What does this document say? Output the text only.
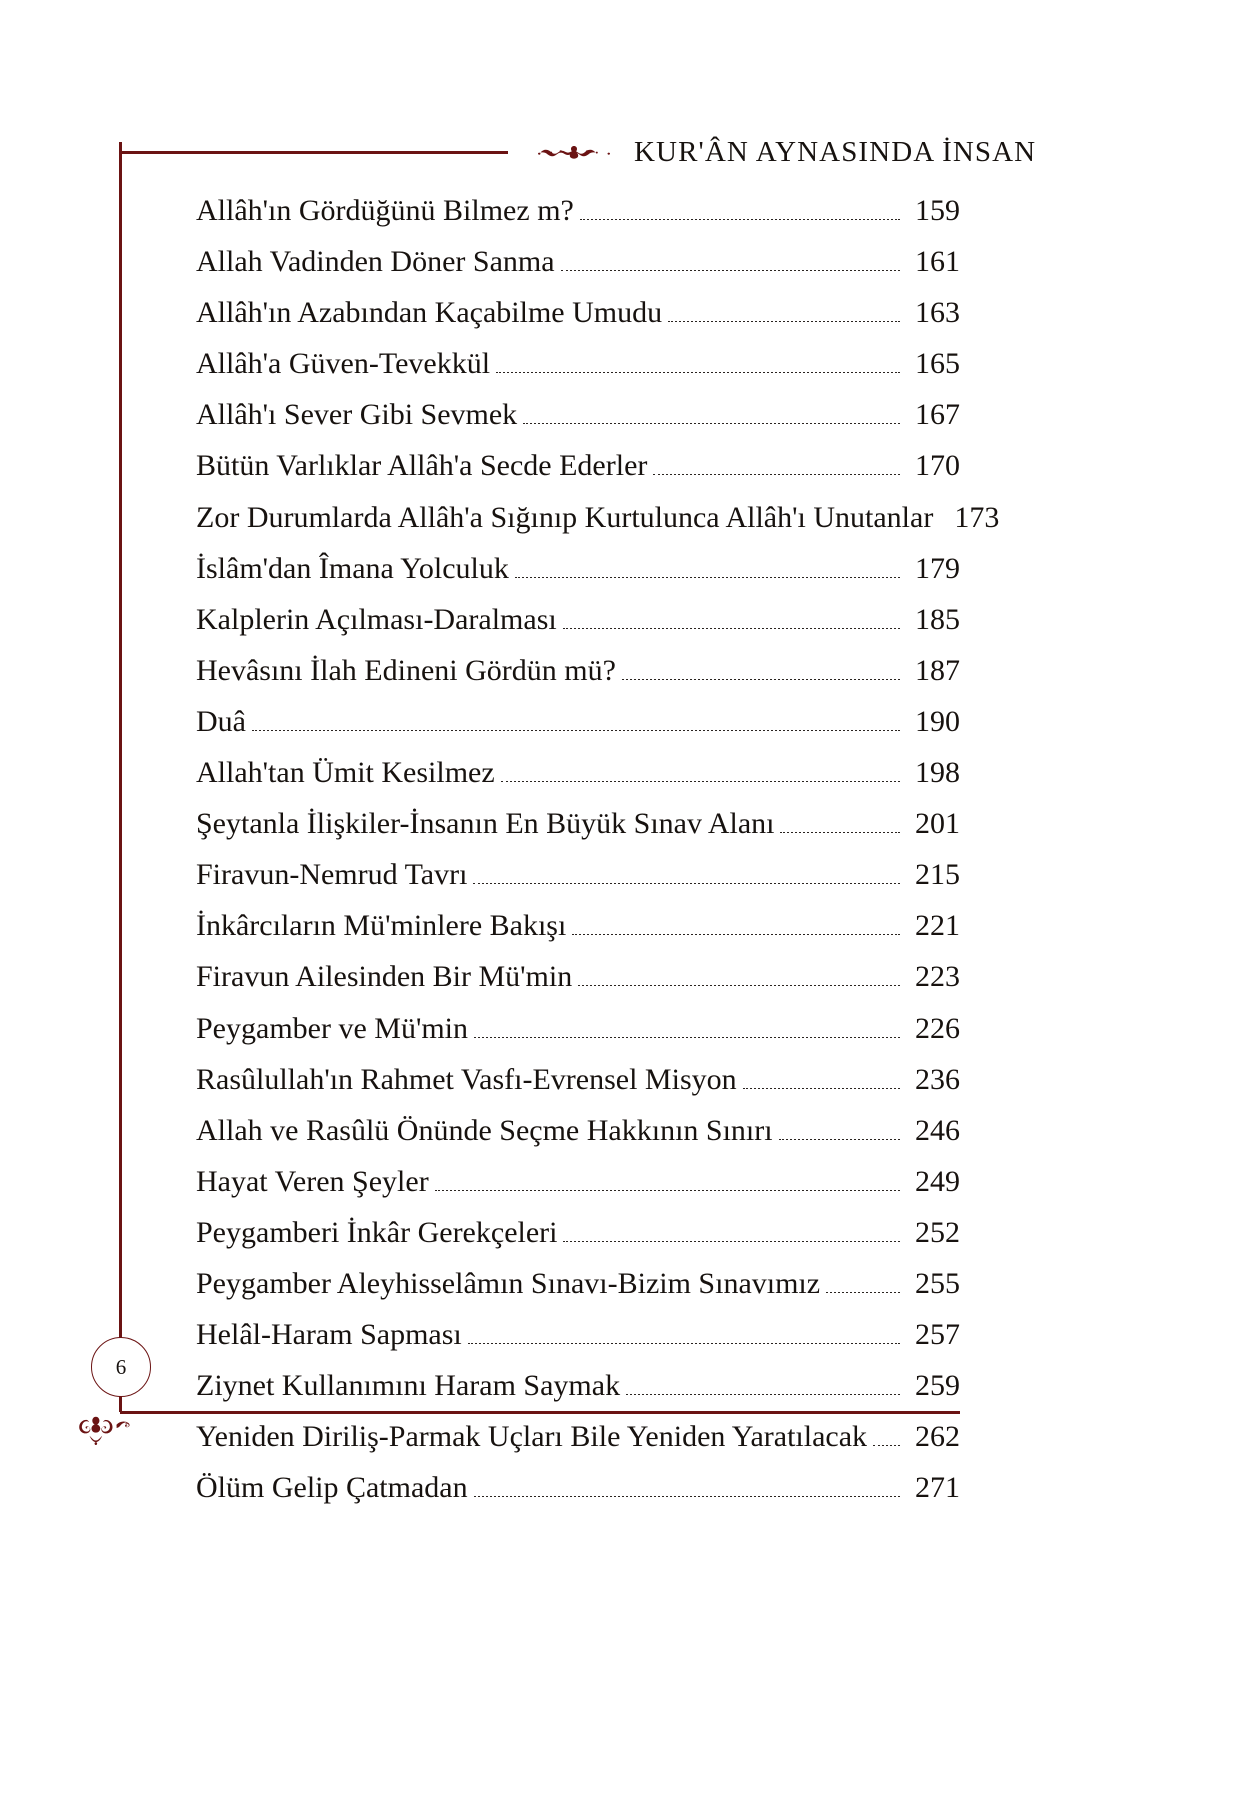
KUR'ÂN AYNASINDA İNSAN
Allâh'ın Gördüğünü Bilmez m?	159
Allah Vadinden Döner Sanma	161
Allâh'ın Azabından Kaçabilme Umudu	163
Allâh'a Güven-Tevekkül	165
Allâh'ı Sever Gibi Sevmek	167
Bütün Varlıklar Allâh'a Secde Ederler	170
Zor Durumlarda Allâh'a Sığınıp Kurtulunca Allâh'ı Unutanlar 173
İslâm'dan Îmana Yolculuk	179
Kalplerin Açılması-Daralması	185
Hevâsını İlah Edineni Gördün mü?	187
Duâ	190
Allah'tan Ümit Kesilmez	198
Şeytanla İlişkiler-İnsanın En Büyük Sınav Alanı	201
Firavun-Nemrud Tavrı	215
İnkârcıların Mü'minlere Bakışı	221
Firavun Ailesinden Bir Mü'min	223
Peygamber ve Mü'min	226
Rasûlullah'ın Rahmet Vasfı-Evrensel Misyon	236
Allah ve Rasûlü Önünde Seçme Hakkının Sınırı	246
Hayat Veren Şeyler	249
Peygamberi İnkâr Gerekçeleri	252
Peygamber Aleyhisselâmın Sınavı-Bizim Sınavımız	255
Helâl-Haram Sapması	257
Ziynet Kullanımını Haram Saymak	259
Yeniden Diriliş-Parmak Uçları Bile Yeniden Yaratılacak	262
Ölüm Gelip Çatmadan	271
6
